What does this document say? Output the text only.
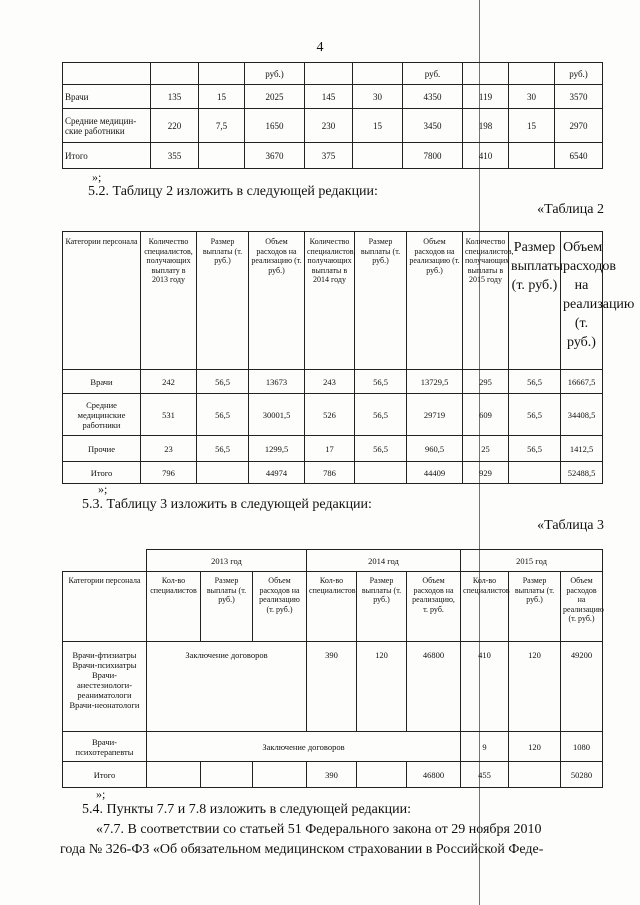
4
			руб.)			руб.			руб.)
Врачи	135	15	2025	145	30	4350	119	30	3570
Средние медицин-ские работники	220	7,5	1650	230	15	3450	198	15	2970
Итого	355		3670	375		7800	410		6540
»;
5.2. Таблицу 2 изложить в следующей редакции:
«Таблица 2
Категории персонала	Количество специалистов, получающих выплату в 2013 году	Размер выплаты (т. руб.)	Объем расходов на реализацию (т. руб.)	Количество специалистов, получающих выплаты в 2014 году	Размер выплаты (т. руб.)	Объем расходов на реализацию (т. руб.)	Количество специалистов, получающих выплаты в 2015 году	Размер выплаты (т. руб.)	Объем расходов на реализацию (т. руб.)
Врачи	242	56,5	13673	243	56,5	13729,5	295	56,5	16667,5
Средние медицинские работники	531	56,5	30001,5	526	56,5	29719	609	56,5	34408,5
Прочие	23	56,5	1299,5	17	56,5	960,5	25	56,5	1412,5
Итого	796		44974	786		44409	929		52488,5
»;
5.3. Таблицу 3 изложить в следующей редакции:
«Таблица 3
	2013 год			2014 год			2015 год		
Категории персонала	Кол-во специалистов	Размер выплаты (т. руб.)	Объем расходов на реализацию (т. руб.)	Кол-во специалистов	Размер выплаты (т. руб.)	Объем расходов на реализацию, т. руб.	Кол-во специалистов	Размер выплаты (т. руб.)	Объем расходов на реализацию (т. руб.)
Врачи-фтизиатры Врачи-психиатры Врачи-анестезиологи-реаниматологи Врачи-неонатологи	Заключение договоров			390	120	46800	410	120	49200
Врачи-психотерапевты	Заключение договоров						9	120	1080
Итого				390		46800	455		50280
»;
5.4. Пункты 7.7 и 7.8 изложить в следующей редакции:
«7.7. В соответствии со статьей 51 Федерального закона от 29 ноября 2010
года № 326-ФЗ «Об обязательном медицинском страховании в Российской Феде-
